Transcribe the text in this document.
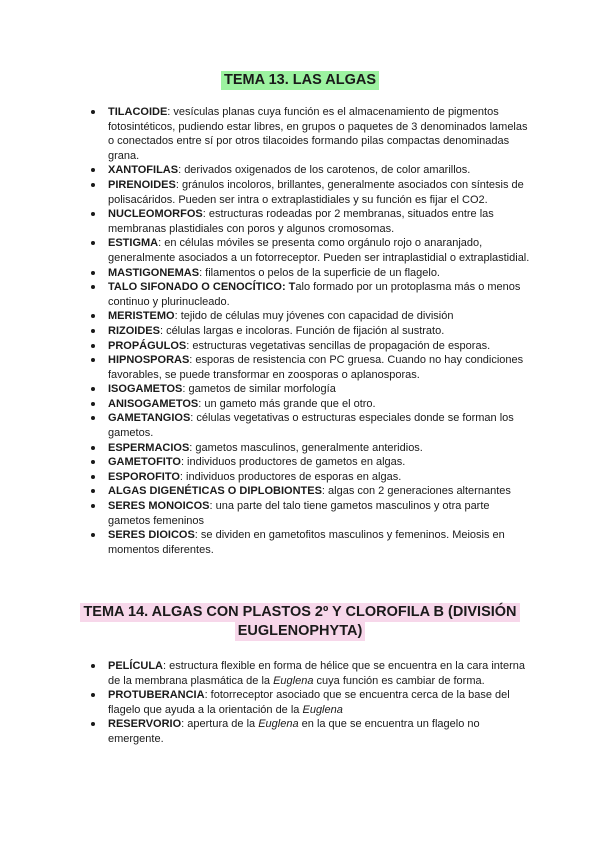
TEMA 13. LAS ALGAS
TILACOIDE: vesículas planas cuya función es el almacenamiento de pigmentos fotosintéticos, pudiendo estar libres, en grupos o paquetes de 3 denominados lamelas o conectados entre sí por otros tilacoides formando pilas compactas denominadas grana.
XANTOFILAS: derivados oxigenados de los carotenos, de color amarillos.
PIRENOIDES: gránulos incoloros, brillantes, generalmente asociados con síntesis de polisacáridos. Pueden ser intra o extraplastidiales y su función es fijar el CO2.
NUCLEOMORFOS: estructuras rodeadas por 2 membranas, situados entre las membranas plastidiales con poros y algunos cromosomas.
ESTIGMA: en células móviles se presenta como orgánulo rojo o anaranjado, generalmente asociados a un fotorreceptor. Pueden ser intraplastidial o extraplastidial.
MASTIGONEMAS: filamentos o pelos de la superficie de un flagelo.
TALO SIFONADO O CENOCÍTICO: Talo formado por un protoplasma más o menos continuo y plurinucleado.
MERISTEMO: tejido de células muy jóvenes con capacidad de división
RIZOIDES: células largas e incoloras. Función de fijación al sustrato.
PROPÁGULOS: estructuras vegetativas sencillas de propagación de esporas.
HIPNOSPORAS: esporas de resistencia con PC gruesa. Cuando no hay condiciones favorables, se puede transformar en zoosporas o aplanosporas.
ISOGAMETOS: gametos de similar morfología
ANISOGAMETOS: un gameto más grande que el otro.
GAMETANGIOS: células vegetativas o estructuras especiales donde se forman los gametos.
ESPERMACIOS: gametos masculinos, generalmente anteridios.
GAMETOFITO: individuos productores de gametos en algas.
ESPOROFITO: individuos productores de esporas en algas.
ALGAS DIGENÉTICAS O DIPLOBIONTES: algas con 2 generaciones alternantes
SERES MONOICOS: una parte del talo tiene gametos masculinos y otra parte gametos femeninos
SERES DIOICOS: se dividen en gametofitos masculinos y femeninos. Meiosis en momentos diferentes.
TEMA 14. ALGAS CON PLASTOS 2º Y CLOROFILA B (DIVISIÓN
EUGLENOPHYTA)
PELÍCULA: estructura flexible en forma de hélice que se encuentra en la cara interna de la membrana plasmática de la Euglena cuya función es cambiar de forma.
PROTUBERANCIA: fotorreceptor asociado que se encuentra cerca de la base del flagelo que ayuda a la orientación de la Euglena
RESERVORIO: apertura de la Euglena en la que se encuentra un flagelo no emergente.
